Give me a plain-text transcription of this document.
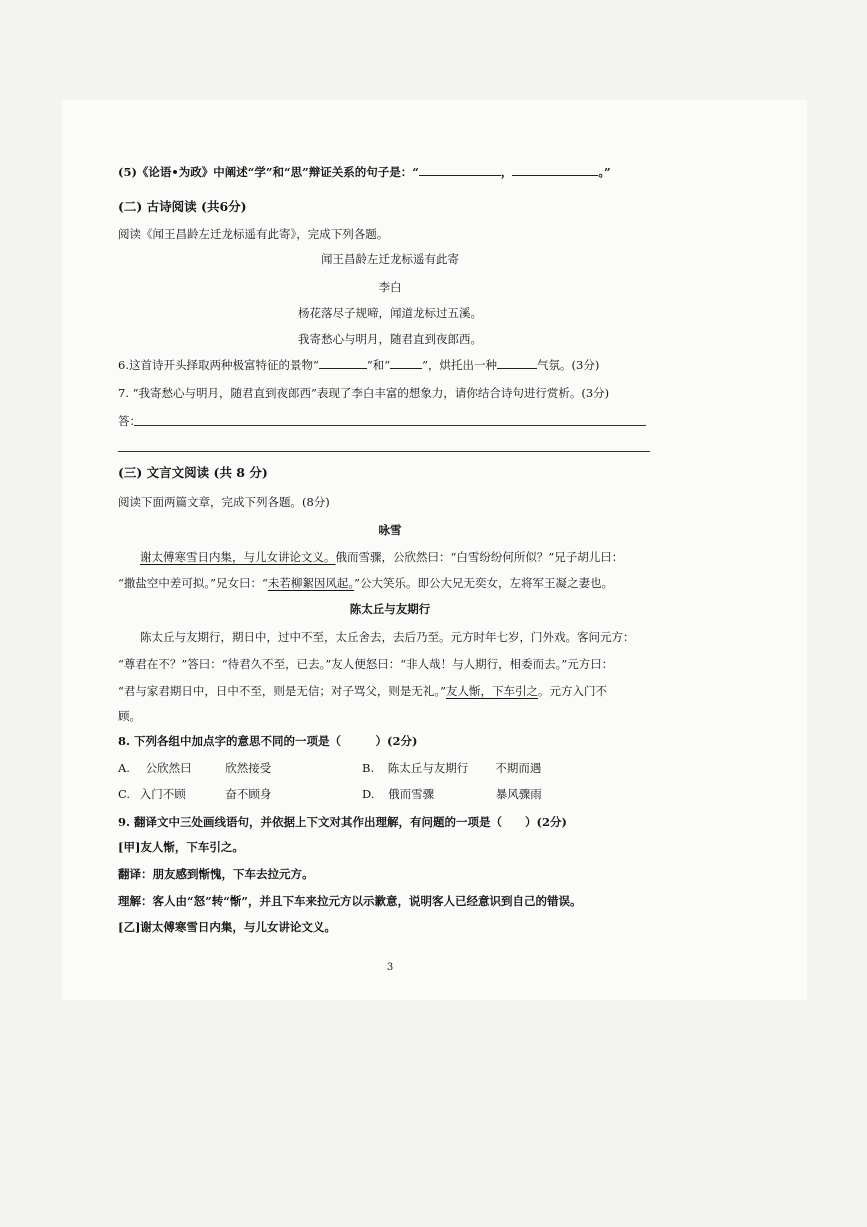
(5)《论语•为政》中阐述“学”和“思”辩证关系的句子是：“	，	。”
(二) 古诗阅读 (共6分)
阅读《闻王昌龄左迁龙标遥有此寄》，完成下列各题。
闻王昌龄左迁龙标遥有此寄
李白
杨花落尽子规啼，闻道龙标过五溪。
我寄愁心与明月，随君直到夜郎西。
6.这首诗开头择取两种极富特征的景物“	”和“	”，烘托出一种	气氛。(3分)
7. “我寄愁心与明月，随君直到夜郎西”表现了李白丰富的想象力，请你结合诗句进行赏析。(3分)
答：
(三) 文言文阅读 (共 8 分)
阅读下面两篇文章，完成下列各题。(8分)
咏雪
谢太傅寒雪日内集，与儿女讲论文义。俄而雪骤，公欣然曰：“白雪纷纷何所似？”兄子胡儿曰：
“撒盐空中差可拟。”兄女曰：“未若柳絮因风起。”公大笑乐。即公大兄无奕女，左将军王凝之妻也。
陈太丘与友期行
陈太丘与友期行，期日中，过中不至，太丘舍去，去后乃至。元方时年七岁，门外戏。客问元方：
“尊君在不？”答曰：“待君久不至，已去。”友人便怒曰：“非人哉！与人期行，相委而去。”元方曰：
“君与家君期日中，日中不至，则是无信；对子骂父，则是无礼。”友人惭，下车引之。元方入门不
顾。
8. 下列各组中加点字的意思不同的一项是（　　　）(2分)
A. 公欣然曰	欣然接受	B. 陈太丘与友期行 不期而遇
C. 入门不顾	奋不顾身	D. 俄而雪骤	暴风骤雨
9. 翻译文中三处画线语句，并依据上下文对其作出理解，有问题的一项是（　　）(2分)
[甲]友人惭，下车引之。
翻译：朋友感到惭愧，下车去拉元方。
理解：客人由“怒”转“惭”，并且下车来拉元方以示歉意，说明客人已经意识到自己的错误。
[乙]谢太傅寒雪日内集，与儿女讲论文义。
3
